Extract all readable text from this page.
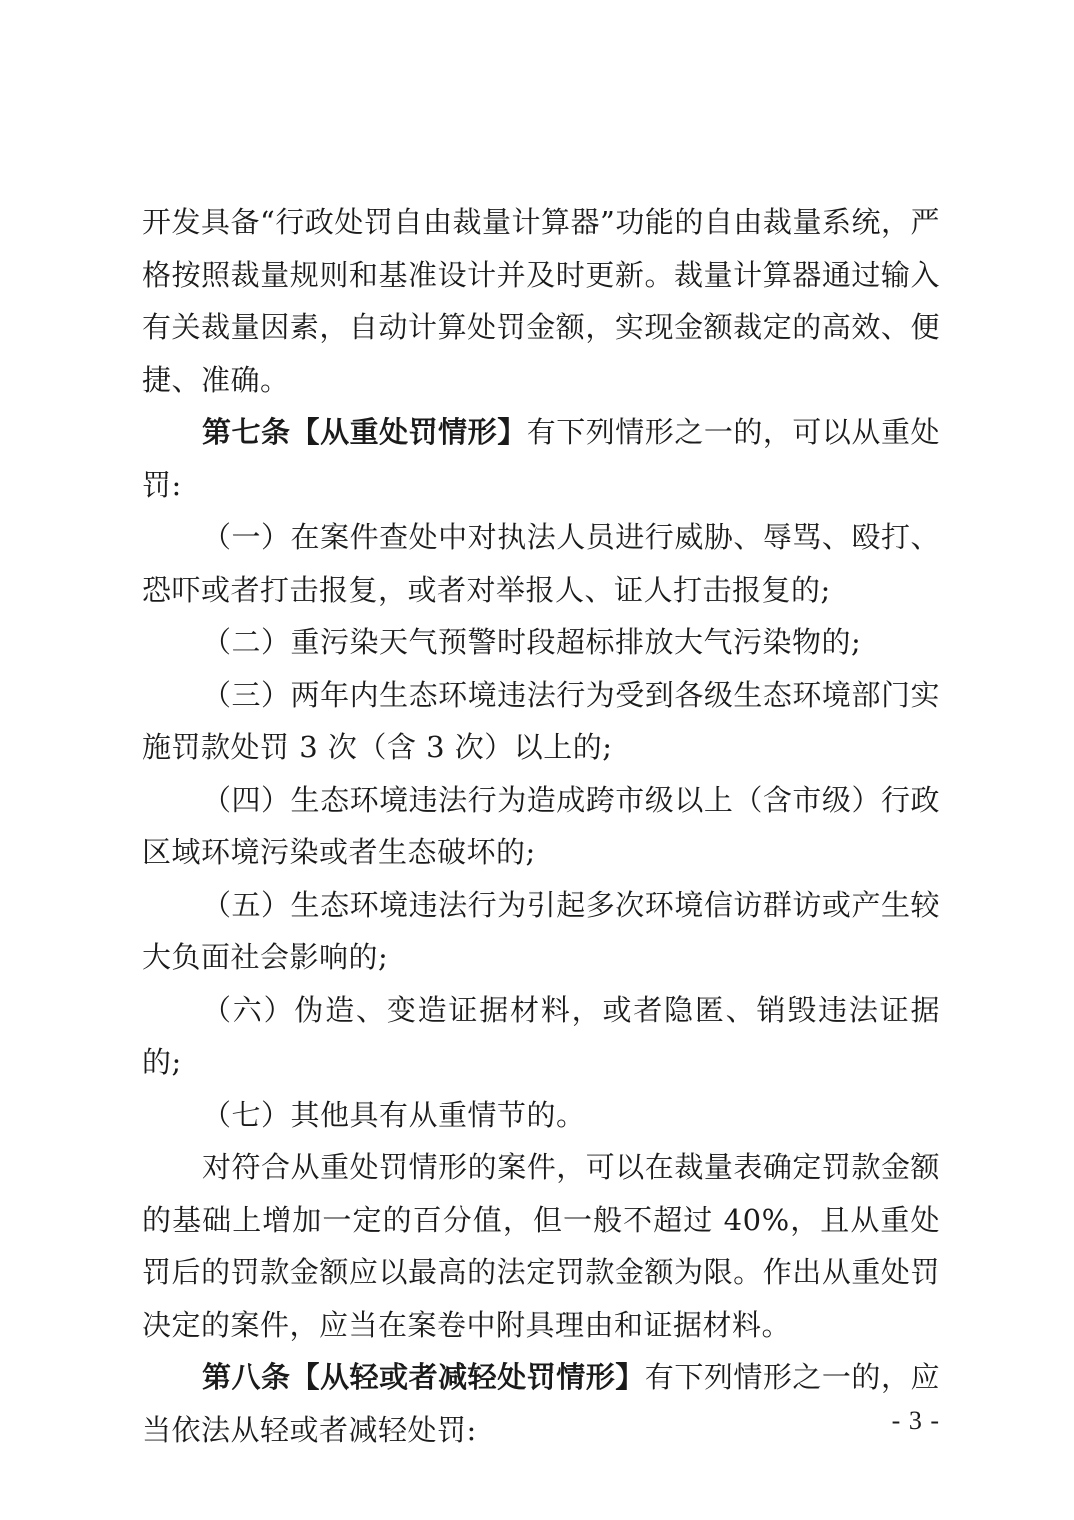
开发具备“行政处罚自由裁量计算器”功能的自由裁量系统，严格按照裁量规则和基准设计并及时更新。裁量计算器通过输入有关裁量因素，自动计算处罚金额，实现金额裁定的高效、便捷、准确。

第七条【从重处罚情形】有下列情形之一的，可以从重处罚:

（一）在案件查处中对执法人员进行威胁、辱骂、殴打、恐吓或者打击报复，或者对举报人、证人打击报复的;

（二）重污染天气预警时段超标排放大气污染物的;

（三）两年内生态环境违法行为受到各级生态环境部门实施罚款处罚 3 次（含 3 次）以上的;

（四）生态环境违法行为造成跨市级以上（含市级）行政区域环境污染或者生态破坏的;

（五）生态环境违法行为引起多次环境信访群访或产生较大负面社会影响的;

（六）伪造、变造证据材料，或者隐匿、销毁违法证据的;

（七）其他具有从重情节的。

对符合从重处罚情形的案件，可以在裁量表确定罚款金额的基础上增加一定的百分值，但一般不超过 40%，且从重处罚后的罚款金额应以最高的法定罚款金额为限。作出从重处罚决定的案件，应当在案卷中附具理由和证据材料。

第八条【从轻或者减轻处罚情形】有下列情形之一的，应当依法从轻或者减轻处罚:	- 3 -
